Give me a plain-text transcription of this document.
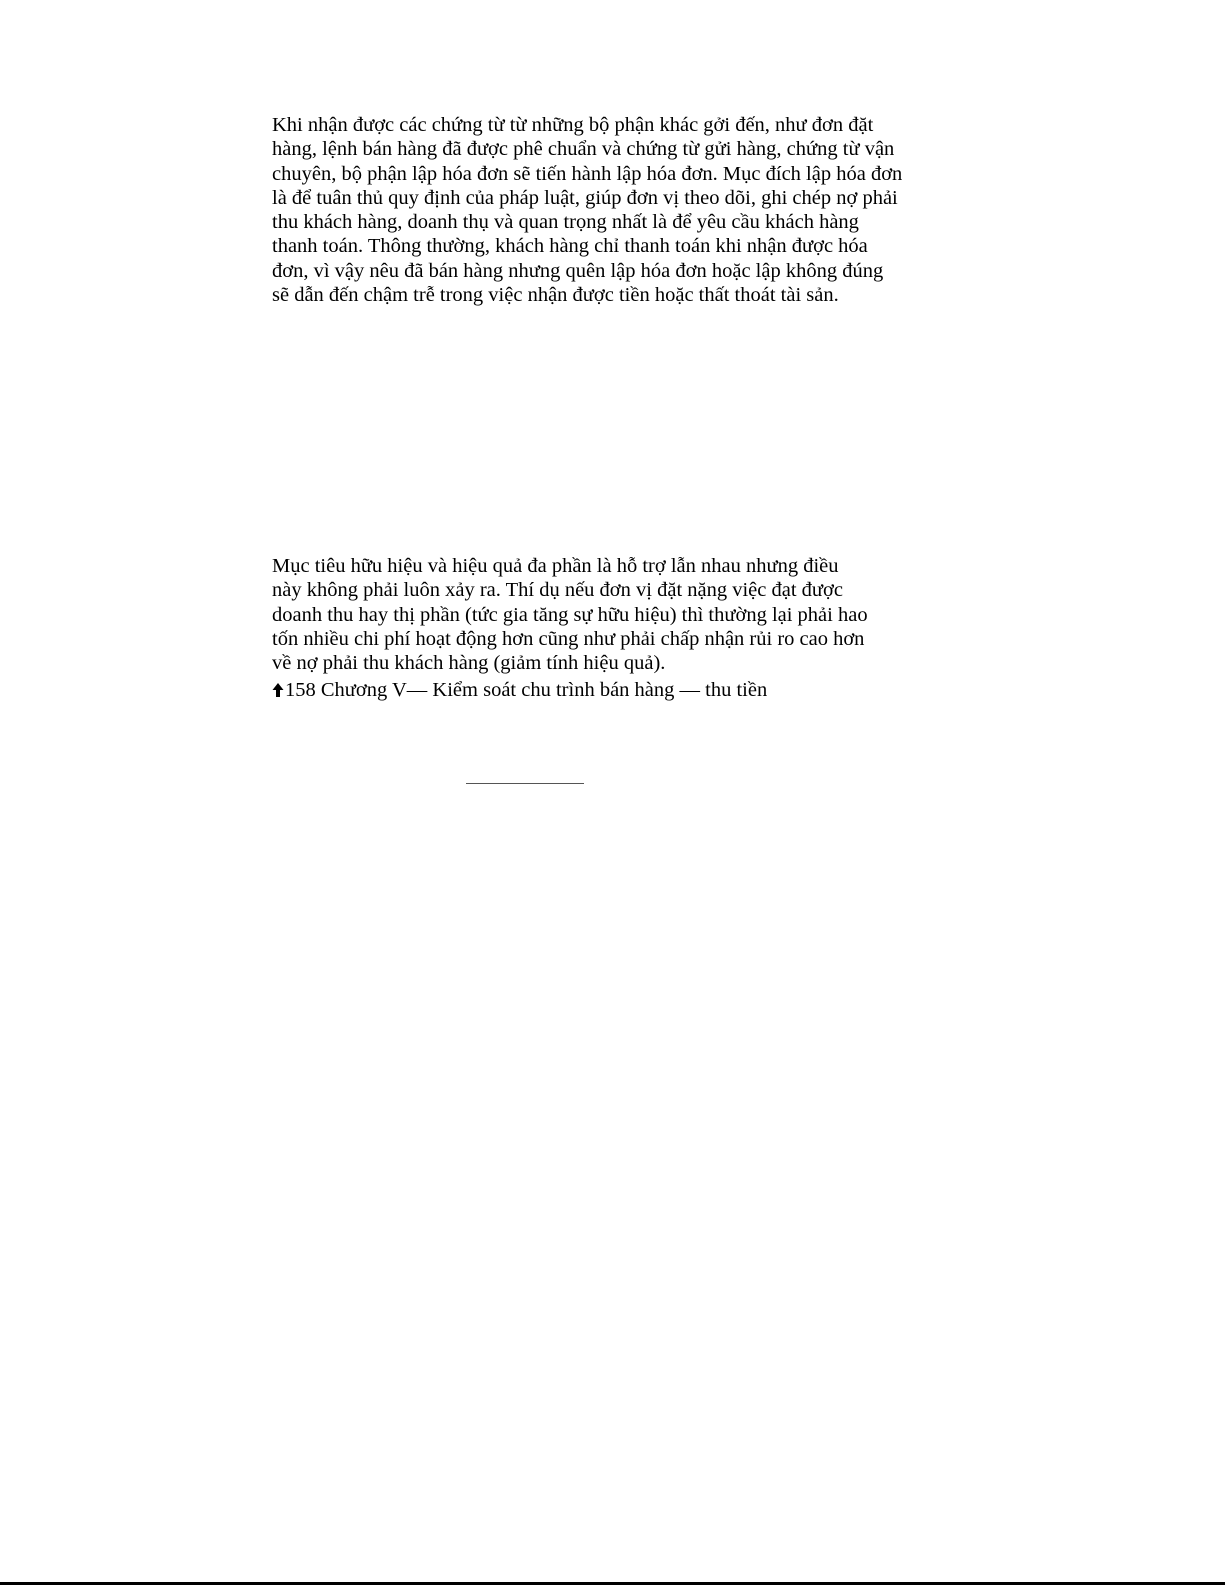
Khi nhận được các chứng từ từ những bộ phận khác gởi đến, như đơn đặt
hàng, lệnh bán hàng đã được phê chuẩn và chứng từ gửi hàng, chứng từ vận
chuyên, bộ phận lập hóa đơn sẽ tiến hành lập hóa đơn. Mục đích lập hóa đơn
là để tuân thủ quy định của pháp luật, giúp đơn vị theo dõi, ghi chép nợ phải
thu khách hàng, doanh thụ và quan trọng nhất là để yêu cầu khách hàng
thanh toán. Thông thường, khách hàng chỉ thanh toán khi nhận được hóa
đơn, vì vậy nêu đã bán hàng nhưng quên lập hóa đơn hoặc lập không đúng
sẽ dẫn đến chậm trễ trong việc nhận được tiền hoặc thất thoát tài sản.

Mục tiêu hữu hiệu và hiệu quả đa phần là hỗ trợ lẫn nhau nhưng điều
này không phải luôn xảy ra. Thí dụ nếu đơn vị đặt nặng việc đạt được
doanh thu hay thị phần (tức gia tăng sự hữu hiệu) thì thường lại phải hao
tốn nhiều chi phí hoạt động hơn cũng như phải chấp nhận rủi ro cao hơn
về nợ phải thu khách hàng (giảm tính hiệu quả).

158 Chương V— Kiểm soát chu trình bán hàng — thu tiền
